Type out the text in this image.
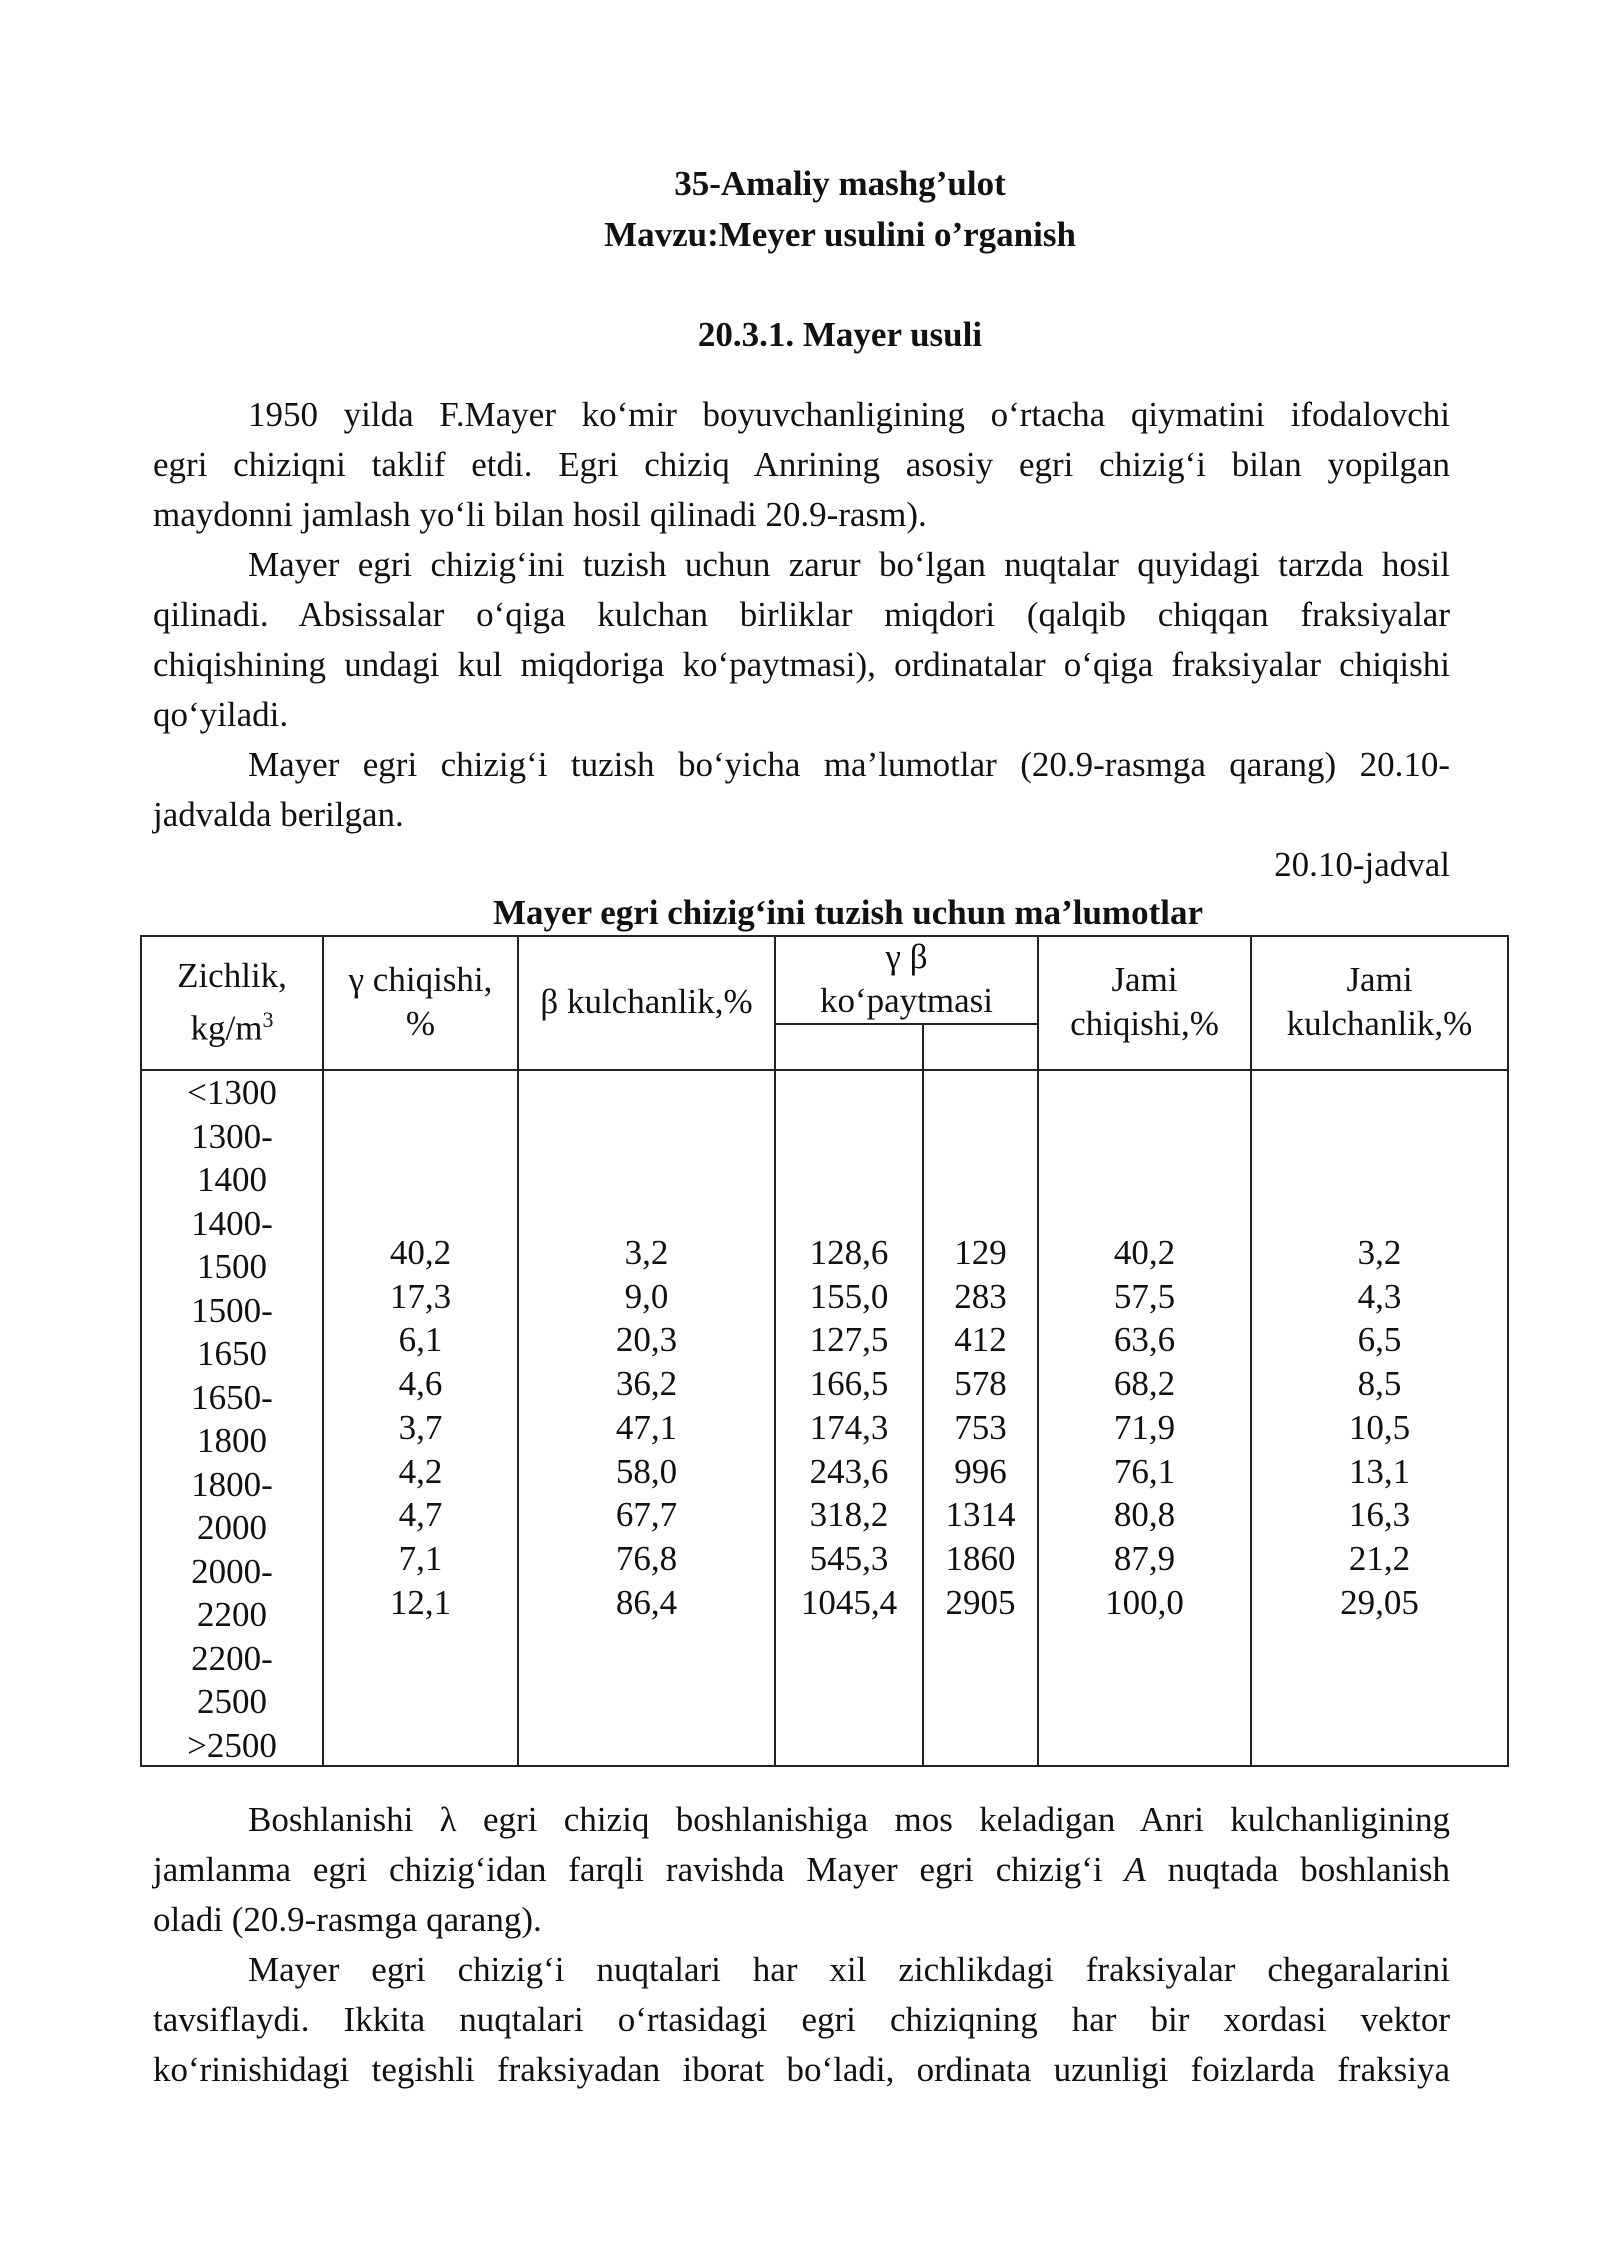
35-Amaliy mashg’ulot
Mavzu:Meyer usulini o’rganish
20.3.1. Mayer usuli
1950 yilda F.Mayer ko‘mir boyuvchanligining o‘rtacha qiymatini ifodalovchi
egri chiziqni taklif etdi. Egri chiziq Anrining asosiy egri chizig‘i bilan yopilgan
maydonni jamlash yo‘li bilan hosil qilinadi 20.9-rasm).
Mayer egri chizig‘ini tuzish uchun zarur bo‘lgan nuqtalar quyidagi tarzda hosil
qilinadi. Absissalar o‘qiga kulchan birliklar miqdori (qalqib chiqqan fraksiyalar
chiqishining undagi kul miqdoriga ko‘paytmasi), ordinatalar o‘qiga fraksiyalar chiqishi
qo‘yiladi.
Mayer egri chizig‘i tuzish bo‘yicha ma’lumotlar (20.9-rasmga qarang) 20.10-
jadvalda berilgan.
20.10-jadval
Mayer egri chizig‘ini tuzish uchun ma’lumotlar
Zichlik,
$kg/m^3$
γ chiqishi,
%
β kulchanlik,%
γ β
ko‘paytmasi
Jami
chiqishi,%
Jami
kulchanlik,%
<1300
1300-
1400
1400-
1500
1500-
1650
1650-
1800
1800-
2000
2000-
2200
2200-
2500
>2500
40,2
17,3
6,1
4,6
3,7
4,2
4,7
7,1
12,1
3,2
9,0
20,3
36,2
47,1
58,0
67,7
76,8
86,4
128,6
155,0
127,5
166,5
174,3
243,6
318,2
545,3
1045,4
129
283
412
578
753
996
1314
1860
2905
40,2
57,5
63,6
68,2
71,9
76,1
80,8
87,9
100,0
3,2
4,3
6,5
8,5
10,5
13,1
16,3
21,2
29,05
Boshlanishi λ egri chiziq boshlanishiga mos keladigan Anri kulchanligining
jamlanma egri chizig‘idan farqli ravishda Mayer egri chizig‘i A nuqtada boshlanish
oladi (20.9-rasmga qarang).
Mayer egri chizig‘i nuqtalari har xil zichlikdagi fraksiyalar chegaralarini
tavsiflaydi. Ikkita nuqtalari o‘rtasidagi egri chiziqning har bir xordasi vektor
ko‘rinishidagi tegishli fraksiyadan iborat bo‘ladi, ordinata uzunligi foizlarda fraksiya
